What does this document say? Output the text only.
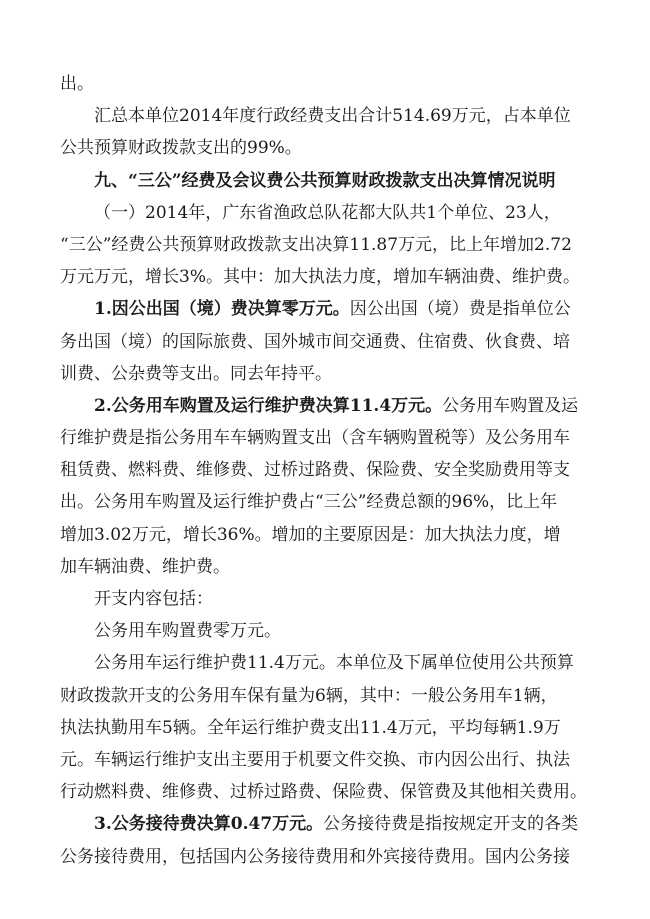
出。
汇总本单位2014年度行政经费支出合计514.69万元，占本单位
公共预算财政拨款支出的99%。
九、“三公”经费及会议费公共预算财政拨款支出决算情况说明
（一）2014年，广东省渔政总队花都大队共1个单位、23人，
“三公”经费公共预算财政拨款支出决算11.87万元，比上年增加2.72
万元万元，增长3%。其中：加大执法力度，增加车辆油费、维护费。
1.因公出国（境）费决算零万元。因公出国（境）费是指单位公
务出国（境）的国际旅费、国外城市间交通费、住宿费、伙食费、培
训费、公杂费等支出。同去年持平。
2.公务用车购置及运行维护费决算11.4万元。公务用车购置及运
行维护费是指公务用车车辆购置支出（含车辆购置税等）及公务用车
租赁费、燃料费、维修费、过桥过路费、保险费、安全奖励费用等支
出。公务用车购置及运行维护费占“三公”经费总额的96%，比上年
增加3.02万元，增长36%。增加的主要原因是：加大执法力度，增
加车辆油费、维护费。
开支内容包括：
公务用车购置费零万元。
公务用车运行维护费11.4万元。本单位及下属单位使用公共预算
财政拨款开支的公务用车保有量为6辆，其中：一般公务用车1辆，
执法执勤用车5辆。全年运行维护费支出11.4万元，平均每辆1.9万
元。车辆运行维护支出主要用于机要文件交换、市内因公出行、执法
行动燃料费、维修费、过桥过路费、保险费、保管费及其他相关费用。
3.公务接待费决算0.47万元。公务接待费是指按规定开支的各类
公务接待费用，包括国内公务接待费用和外宾接待费用。国内公务接
